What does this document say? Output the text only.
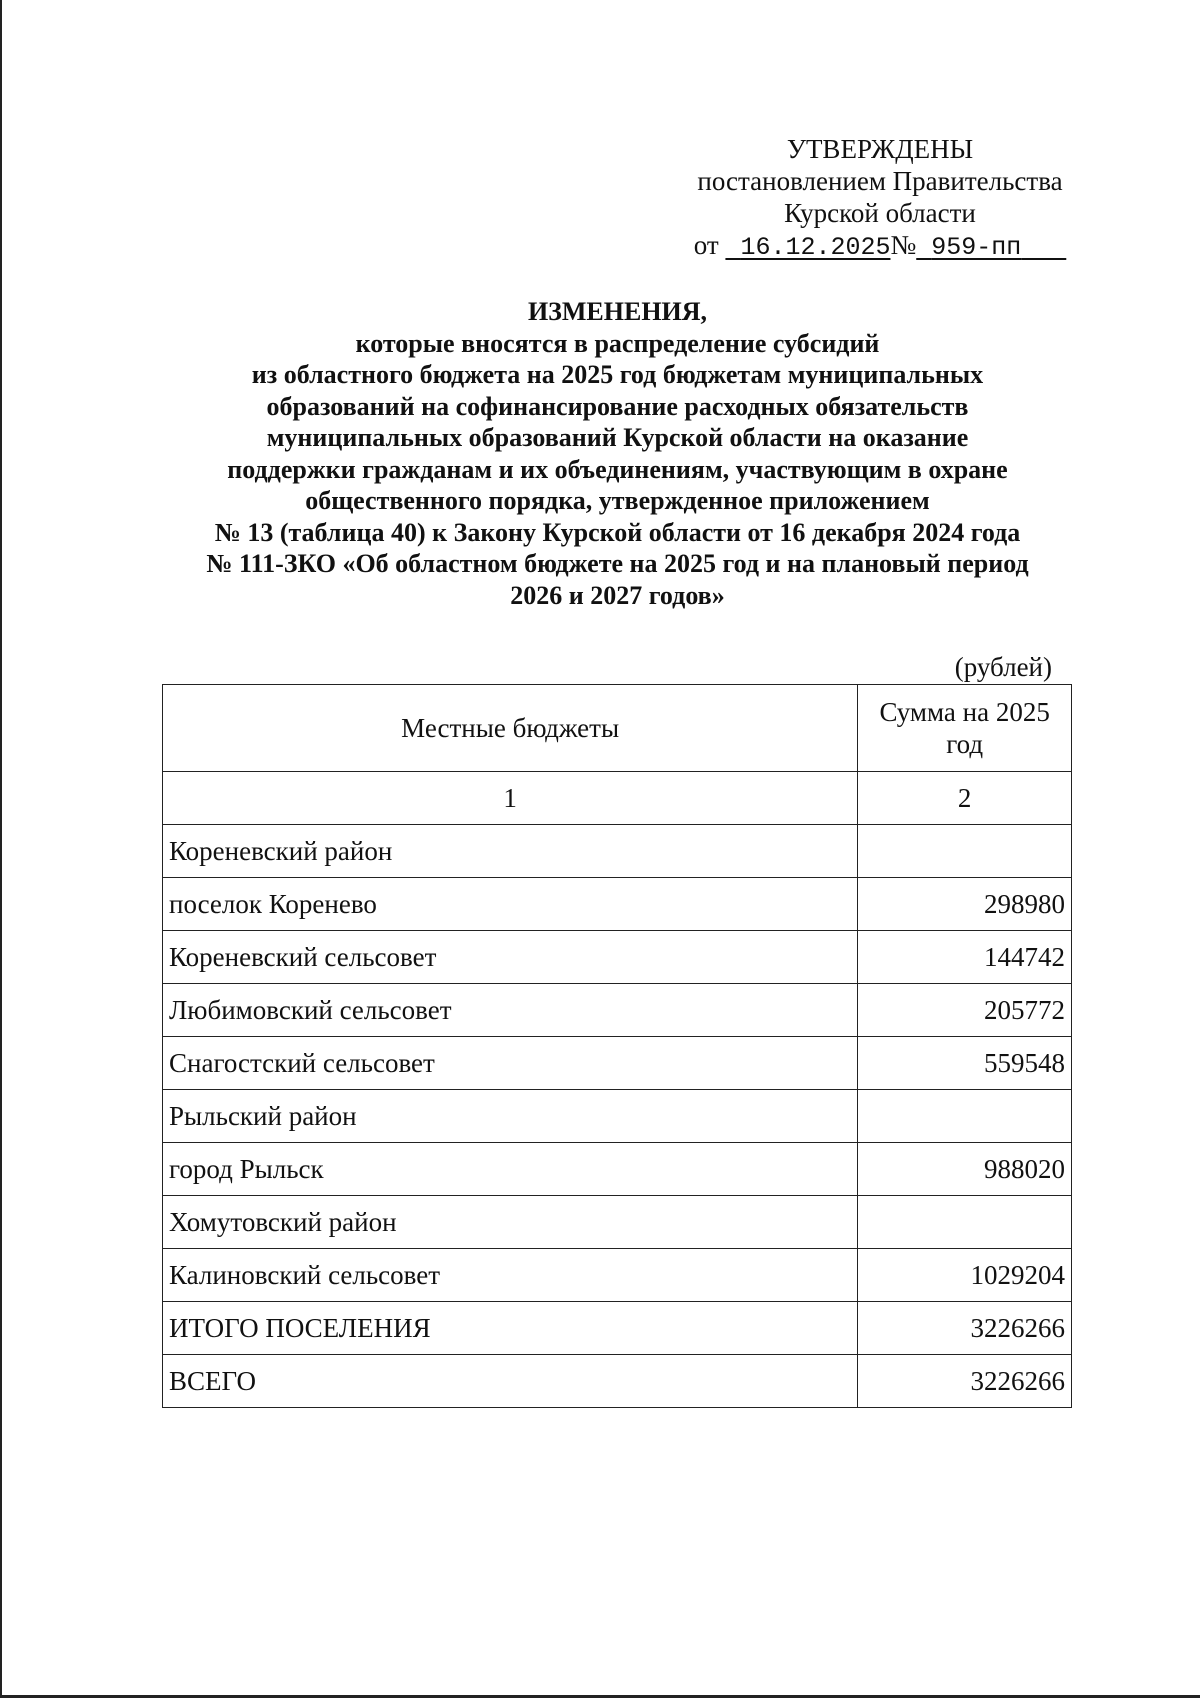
УТВЕРЖДЕНЫ
постановлением Правительства
Курской области
от 16.12.2025№ 959-пп
ИЗМЕНЕНИЯ,
которые вносятся в распределение субсидий
из областного бюджета на 2025 год бюджетам муниципальных
образований на софинансирование расходных обязательств
муниципальных образований Курской области на оказание
поддержки гражданам и их объединениям, участвующим в охране
общественного порядка, утвержденное приложением
№ 13 (таблица 40) к Закону Курской области от 16 декабря 2024 года
№ 111-ЗКО «Об областном бюджете на 2025 год и на плановый период
2026 и 2027 годов»
(рублей)
Местные бюджеты	Сумма на 2025 год
1	2
Кореневский район	
поселок Коренево	298980
Кореневский сельсовет	144742
Любимовский сельсовет	205772
Снагостский сельсовет	559548
Рыльский район	
город Рыльск	988020
Хомутовский район	
Калиновский сельсовет	1029204
ИТОГО ПОСЕЛЕНИЯ	3226266
ВСЕГО	3226266
